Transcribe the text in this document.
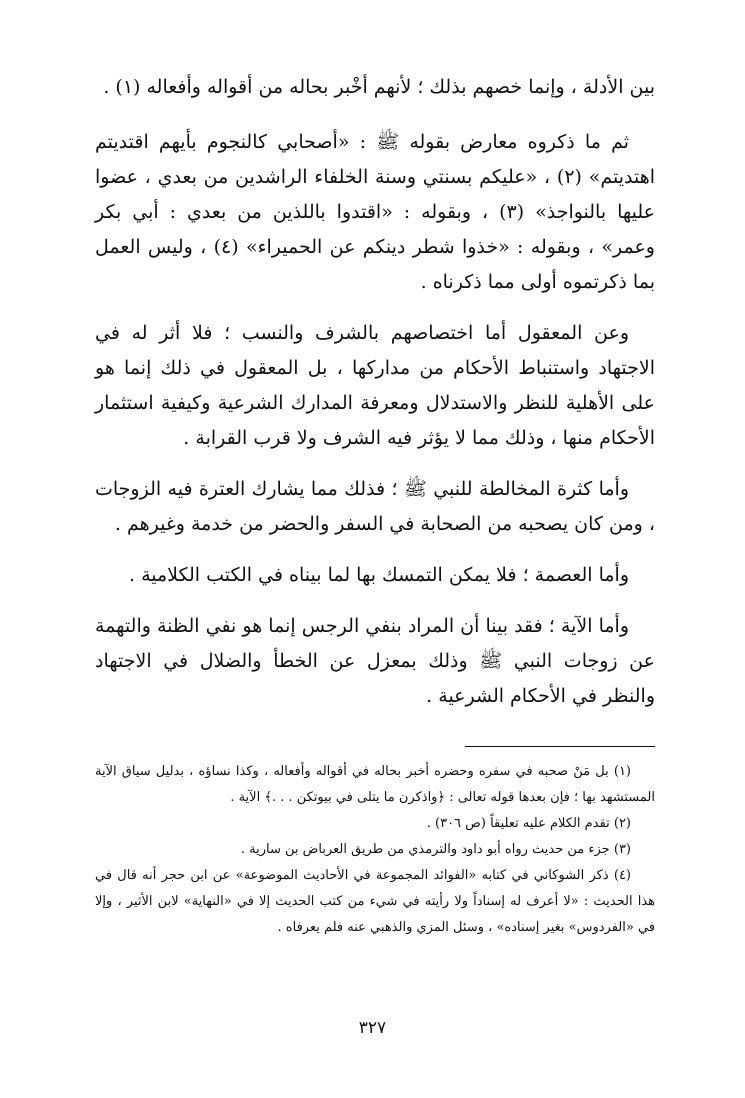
بين الأدلة ، وإنما خصهم بذلك ؛ لأنهم أخْبر بحاله من أقواله وأفعاله (١) .

ثم ما ذكروه معارض بقوله ﷺ : «أصحابي كالنجوم بأيهم اقتديتم اهتديتم» (٢) ، «عليكم بسنتي وسنة الخلفاء الراشدين من بعدي ، عضوا عليها بالنواجذ» (٣) ، وبقوله : «اقتدوا باللذين من بعدي : أبي بكر وعمر» ، وبقوله : «خذوا شطر دينكم عن الحميراء» (٤) ، وليس العمل بما ذكرتموه أولى مما ذكرناه .

وعن المعقول أما اختصاصهم بالشرف والنسب ؛ فلا أثر له في الاجتهاد واستنباط الأحكام من مداركها ، بل المعقول في ذلك إنما هو على الأهلية للنظر والاستدلال ومعرفة المدارك الشرعية وكيفية استثمار الأحكام منها ، وذلك مما لا يؤثر فيه الشرف ولا قرب القرابة .

وأما كثرة المخالطة للنبي ﷺ ؛ فذلك مما يشارك العترة فيه الزوجات ، ومن كان يصحبه من الصحابة في السفر والحضر من خدمة وغيرهم .

وأما العصمة ؛ فلا يمكن التمسك بها لما بيناه في الكتب الكلامية .

وأما الآية ؛ فقد بينا أن المراد بنفي الرجس إنما هو نفي الظنة والتهمة عن زوجات النبي ﷺ وذلك بمعزل عن الخطأ والضلال في الاجتهاد والنظر في الأحكام الشرعية .

(١) بل مَنْ صحبه في سفره وحضره أخبر بحاله في أقواله وأفعاله ، وكذا نساؤه ، بدليل سياق الآية المستشهد بها ؛ فإن بعدها قوله تعالى : ﴿واذكرن ما يتلى في بيوتكن . . .﴾ الآية .

(٢) تقدم الكلام عليه تعليقاً (ص ٣٠٦) .

(٣) جزء من حديث رواه أبو داود والترمذي من طريق العرباض بن سارية .

(٤) ذكر الشوكاني في كتابه «الفوائد المجموعة في الأحاديث الموضوعة» عن ابن حجر أنه قال في هذا الحديث : «لا أعرف له إسناداً ولا رأيته في شيء من كتب الحديث إلا في «النهاية» لابن الأثير ، وإلا في «الفردوس» بغير إسناده» ، وسئل المزي والذهبي عنه فلم يعرفاه .

٣٢٧
